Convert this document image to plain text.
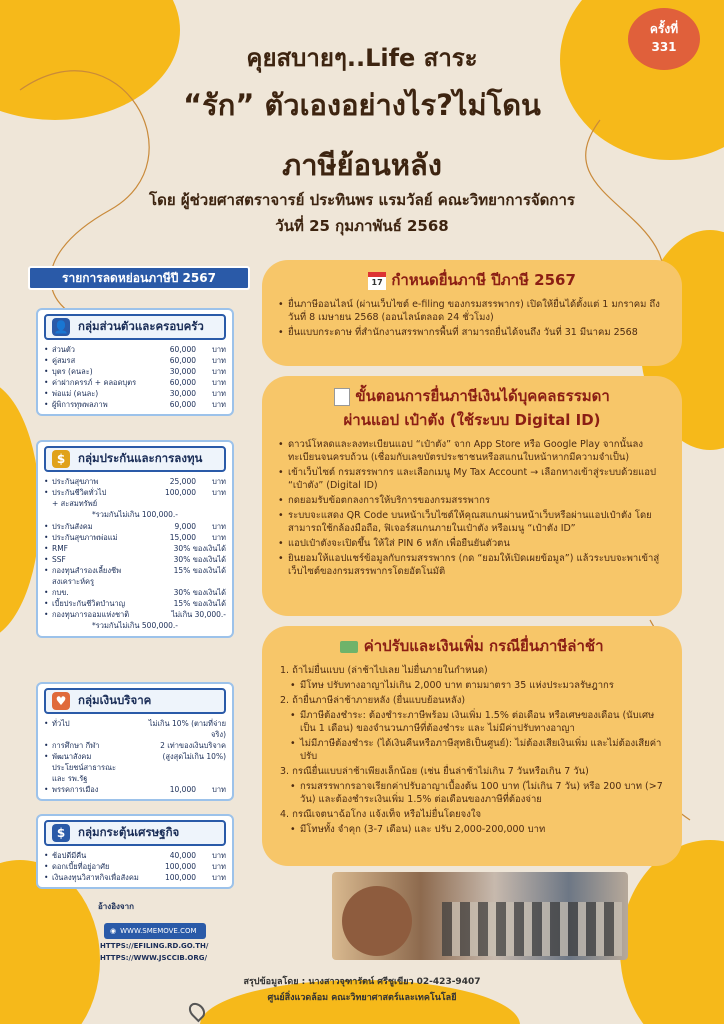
ครั้งที่
331
คุยสบายๆ..Life สาระ
“รัก” ตัวเองอย่างไร?ไม่โดน
ภาษีย้อนหลัง
โดย ผู้ช่วยศาสตราจารย์ ประทินพร แรมวัลย์ คณะวิทยาการจัดการ
วันที่ 25 กุมภาพันธ์ 2568
รายการลดหย่อนภาษีปี 2567
👤 กลุ่มส่วนตัวและครอบครัว
• ส่วนตัว	60,000	บาท
• คู่สมรส	60,000	บาท
• บุตร (คนละ)	30,000	บาท
• ค่าฝากครรภ์ + คลอดบุตร	60,000	บาท
• พ่อแม่ (คนละ)	30,000	บาท
• ผู้พิการทุพพลภาพ	60,000	บาท
$	กลุ่มประกันและการลงทุน
• ประกันสุขภาพ	25,000	บาท
• ประกันชีวิตทั่วไป	100,000	บาท
+ สะสมทรัพย์
*รวมกันไม่เกิน 100,000.-
• ประกันสังคม	9,000	บาท
• ประกันสุขภาพพ่อแม่	15,000	บาท
• RMF	30% ของเงินได้
• SSF	30% ของเงินได้
• กองทุนสำรองเลี้ยงชีพ	15% ของเงินได้
สงเคราะห์ครู
• กบข.	30% ของเงินได้
• เบี้ยประกันชีวิตบำนาญ	15% ของเงินได้
• กองทุนการออมแห่งชาติ	ไม่เกิน 30,000.-
*รวมกันไม่เกิน 500,000.-
♥	กลุ่มเงินบริจาค
• ทั่วไป	ไม่เกิน 10% (ตามที่จ่ายจริง)
• การศึกษา กีฬา	2 เท่าของเงินบริจาค
• พัฒนาสังคม	(สูงสุดไม่เกิน 10%)
ประโยชน์สาธารณะ
และ รพ.รัฐ
• พรรคการเมือง	10,000	บาท
$	กลุ่มกระตุ้นเศรษฐกิจ
• ช้อปดีมีคืน	40,000	บาท
• ดอกเบี้ยที่อยู่อาศัย	100,000	บาท
• เงินลงทุนวิสาหกิจเพื่อสังคม	100,000	บาท
อ้างอิงจาก
◉ WWW.SMEMOVE.COM
HTTPS://EFILING.RD.GO.TH/
HTTPS://WWW.JSCCIB.ORG/
17 กำหนดยื่นภาษี ปีภาษี 2567
• ยื่นภาษีออนไลน์ (ผ่านเว็บไซต์ e-filing ของกรมสรรพากร) เปิดให้ยื่นได้ตั้งแต่ 1 มกราคม ถึง วันที่ 8 เมษายน 2568 (ออนไลน์ตลอด 24 ชั่วโมง)
• ยื่นแบบกระดาษ ที่สำนักงานสรรพากรพื้นที่ สามารถยื่นได้จนถึง วันที่ 31 มีนาคม 2568
ขั้นตอนการยื่นภาษีเงินได้บุคคลธรรมดา
ผ่านแอป เป๋าตัง (ใช้ระบบ Digital ID)
• ดาวน์โหลดและลงทะเบียนแอป “เป๋าตัง” จาก App Store หรือ Google Play จากนั้นลงทะเบียนจนครบถ้วน (เชื่อมกับเลขบัตรประชาชนหรือสแกนใบหน้าหากมีความจำเป็น)
• เข้าเว็บไซต์ กรมสรรพากร และเลือกเมนู My Tax Account → เลือกทางเข้าสู่ระบบด้วยแอป “เป๋าตัง” (Digital ID)
• กดยอมรับข้อตกลงการให้บริการของกรมสรรพากร
• ระบบจะแสดง QR Code บนหน้าเว็บไซต์ให้คุณสแกนผ่านหน้าเว็บหรือผ่านแอปเป๋าตัง โดยสามารถใช้กล้องมือถือ, ฟิเจอร์สแกนภายในเป๋าตัง หรือเมนู “เป๋าตัง ID”
• แอปเป๋าตังจะเปิดขึ้น ให้ใส่ PIN 6 หลัก เพื่อยืนยันตัวตน
• ยินยอมให้แอปแชร์ข้อมูลกับกรมสรรพากร (กด “ยอมให้เปิดเผยข้อมูล”) แล้วระบบจะพาเข้าสู่เว็บไซต์ของกรมสรรพากรโดยอัตโนมัติ
ค่าปรับและเงินเพิ่ม กรณียื่นภาษีล่าช้า
1. ถ้าไม่ยื่นแบบ (ล่าช้าไปเลย ไม่ยื่นภายในกำหนด)
• มีโทษ ปรับทางอาญาไม่เกิน 2,000 บาท ตามมาตรา 35 แห่งประมวลรัษฎากร
2. ถ้ายื่นภาษีล่าช้าภายหลัง (ยื่นแบบย้อนหลัง)
• มีภาษีต้องชำระ: ต้องชำระภาษีพร้อม เงินเพิ่ม 1.5% ต่อเดือน หรือเศษของเดือน (นับเศษเป็น 1 เดือน) ของจำนวนภาษีที่ต้องชำระ และ ไม่มีค่าปรับทางอาญา
• ไม่มีภาษีต้องชำระ (ได้เงินคืนหรือภาษีสุทธิเป็นศูนย์): ไม่ต้องเสียเงินเพิ่ม และไม่ต้องเสียค่าปรับ
3. กรณียื่นแบบล่าช้าเพียงเล็กน้อย (เช่น ยื่นล่าช้าไม่เกิน 7 วันหรือเกิน 7 วัน)
• กรมสรรพากรอาจเรียกค่าปรับอาญาเบื้องต้น 100 บาท (ไม่เกิน 7 วัน) หรือ 200 บาท (>7 วัน) และต้องชำระเงินเพิ่ม 1.5% ต่อเดือนของภาษีที่ต้องจ่าย
4. กรณีเจตนาฉ้อโกง แจ้งเท็จ หรือไม่ยื่นโดยจงใจ
• มีโทษทั้ง จำคุก (3-7 เดือน) และ ปรับ 2,000-200,000 บาท
สรุปข้อมูลโดย : นางสาวจุฑารัตน์ ศรีชูเขียว 02-423-9407
ศูนย์สิ่งแวดล้อม คณะวิทยาศาสตร์และเทคโนโลยี
